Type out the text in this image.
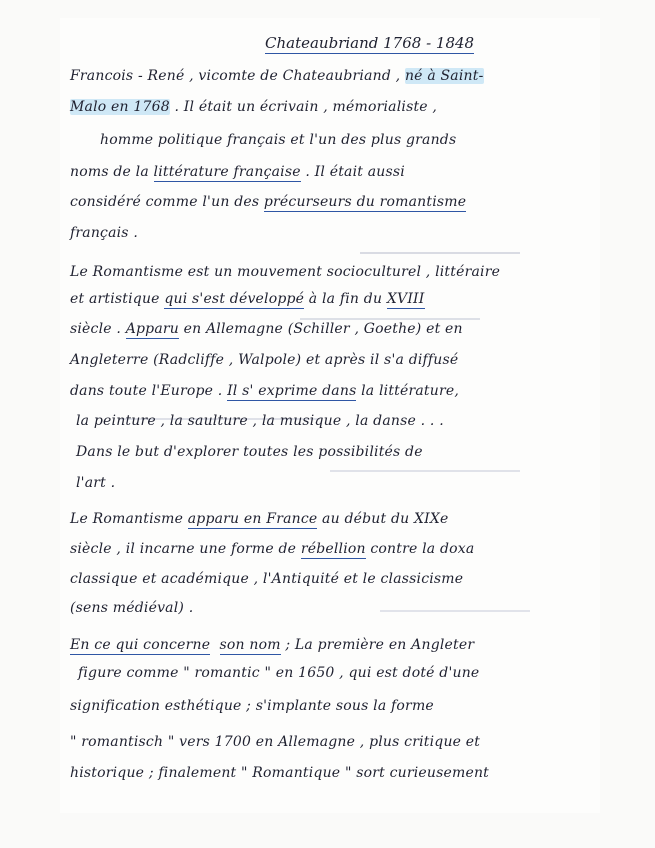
Chateaubriand 1768 - 1848
Francois - René , vicomte de Chateaubriand , né à Saint-
Malo en 1768 . Il était un écrivain , mémorialiste ,
homme politique français et l'un des plus grands
noms de la littérature française . Il était aussi
considéré comme l'un des précurseurs du romantisme
français .
Le Romantisme est un mouvement socioculturel , littéraire
et artistique qui s'est développé à la fin du XVIII
siècle . Apparu en Allemagne (Schiller , Goethe) et en
Angleterre (Radcliffe , Walpole) et après il s'a diffusé
dans toute l'Europe . Il s' exprime dans la littérature,
la peinture , la saulture , la musique , la danse . . .
Dans le but d'explorer toutes les possibilités de
l'art .
Le Romantisme apparu en France au début du XIXe
siècle , il incarne une forme de rébellion contre la doxa
classique et académique , l'Antiquité et le classicisme
(sens médiéval) .
En ce qui concerne son nom ; La première en Angleter
figure comme " romantic " en 1650 , qui est doté d'une
signification esthétique ; s'implante sous la forme
" romantisch " vers 1700 en Allemagne , plus critique et
historique ; finalement " Romantique " sort curieusement
